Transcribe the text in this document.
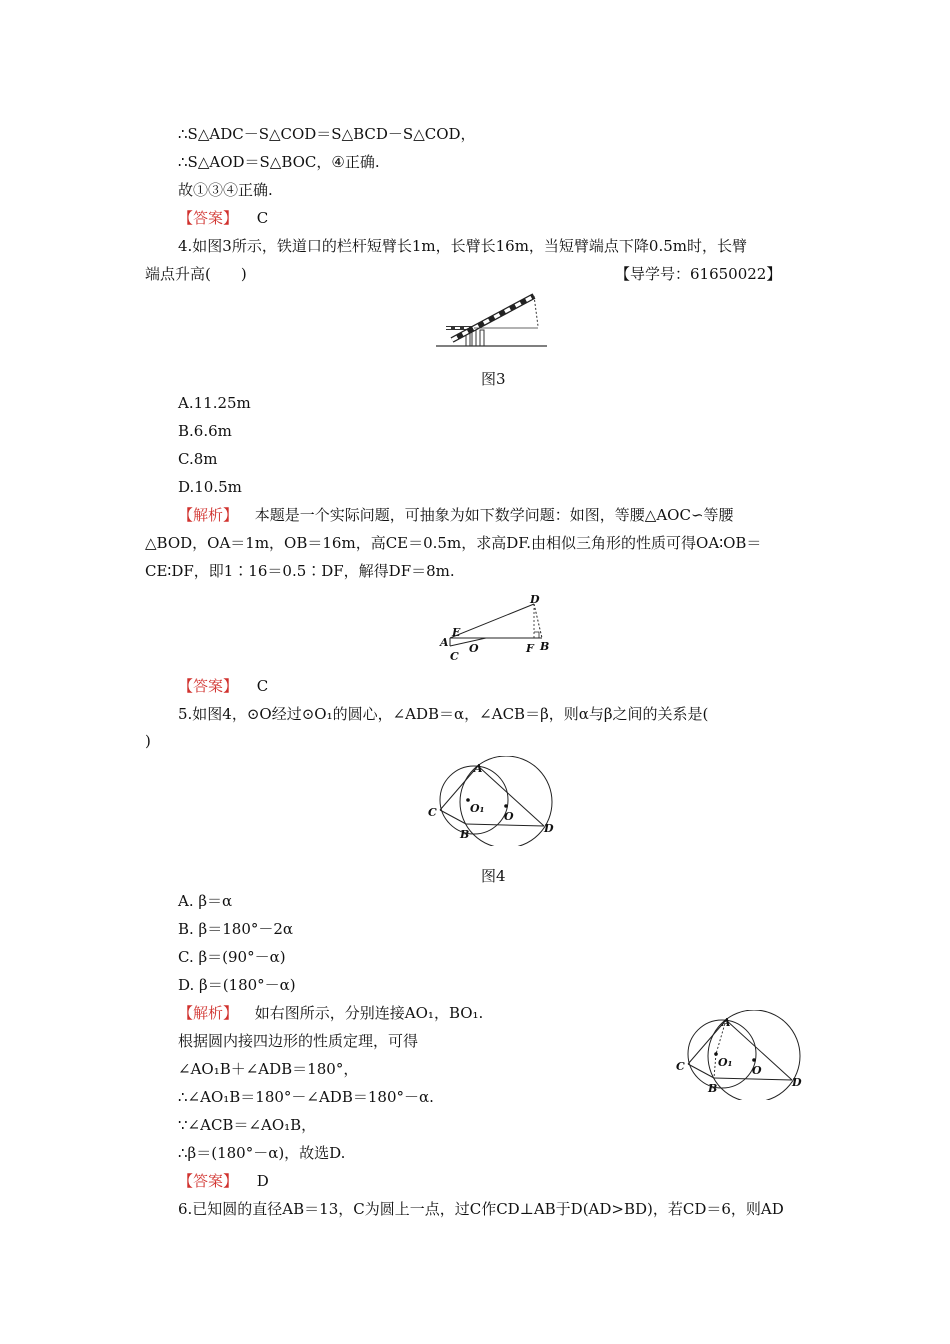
∴S△ADC－S△COD＝S△BCD－S△COD，
∴S△AOD＝S△BOC，④正确.
故①③④正确.
【答案】 C
4.如图3所示，铁道口的栏杆短臂长1m，长臂长16m，当短臂端点下降0.5m时，长臂
端点升高(　　)	【导学号：61650022】
图3
A.11.25m
B.6.6m
C.8m
D.10.5m
【解析】 本题是一个实际问题，可抽象为如下数学问题：如图，等腰△AOC∽等腰
△BOD，OA＝1m，OB＝16m，高CE＝0.5m，求高DF.由相似三角形的性质可得OA∶OB＝
CE∶DF，即1∶16＝0.5∶DF，解得DF＝8m.
A
E
C
O	F B
D
【答案】 C
5.如图4，⊙O经过⊙O₁的圆心，∠ADB＝α，∠ACB＝β，则α与β之间的关系是(
)
A
C
B	D
O₁
O
图4
A. β＝α
B. β＝180°－2α
C. β＝(90°－α)
D. β＝(180°－α)
【解析】 如右图所示，分别连接AO₁，BO₁.
根据圆内接四边形的性质定理，可得
∠AO₁B＋∠ADB＝180°，
∴∠AO₁B＝180°－∠ADB＝180°－α.
∵∠ACB＝∠AO₁B，
∴β＝(180°－α)，故选D.
A
C
B	D
O₁
O
【答案】 D
6.已知圆的直径AB＝13，C为圆上一点，过C作CD⊥AB于D(AD>BD)，若CD＝6，则AD
